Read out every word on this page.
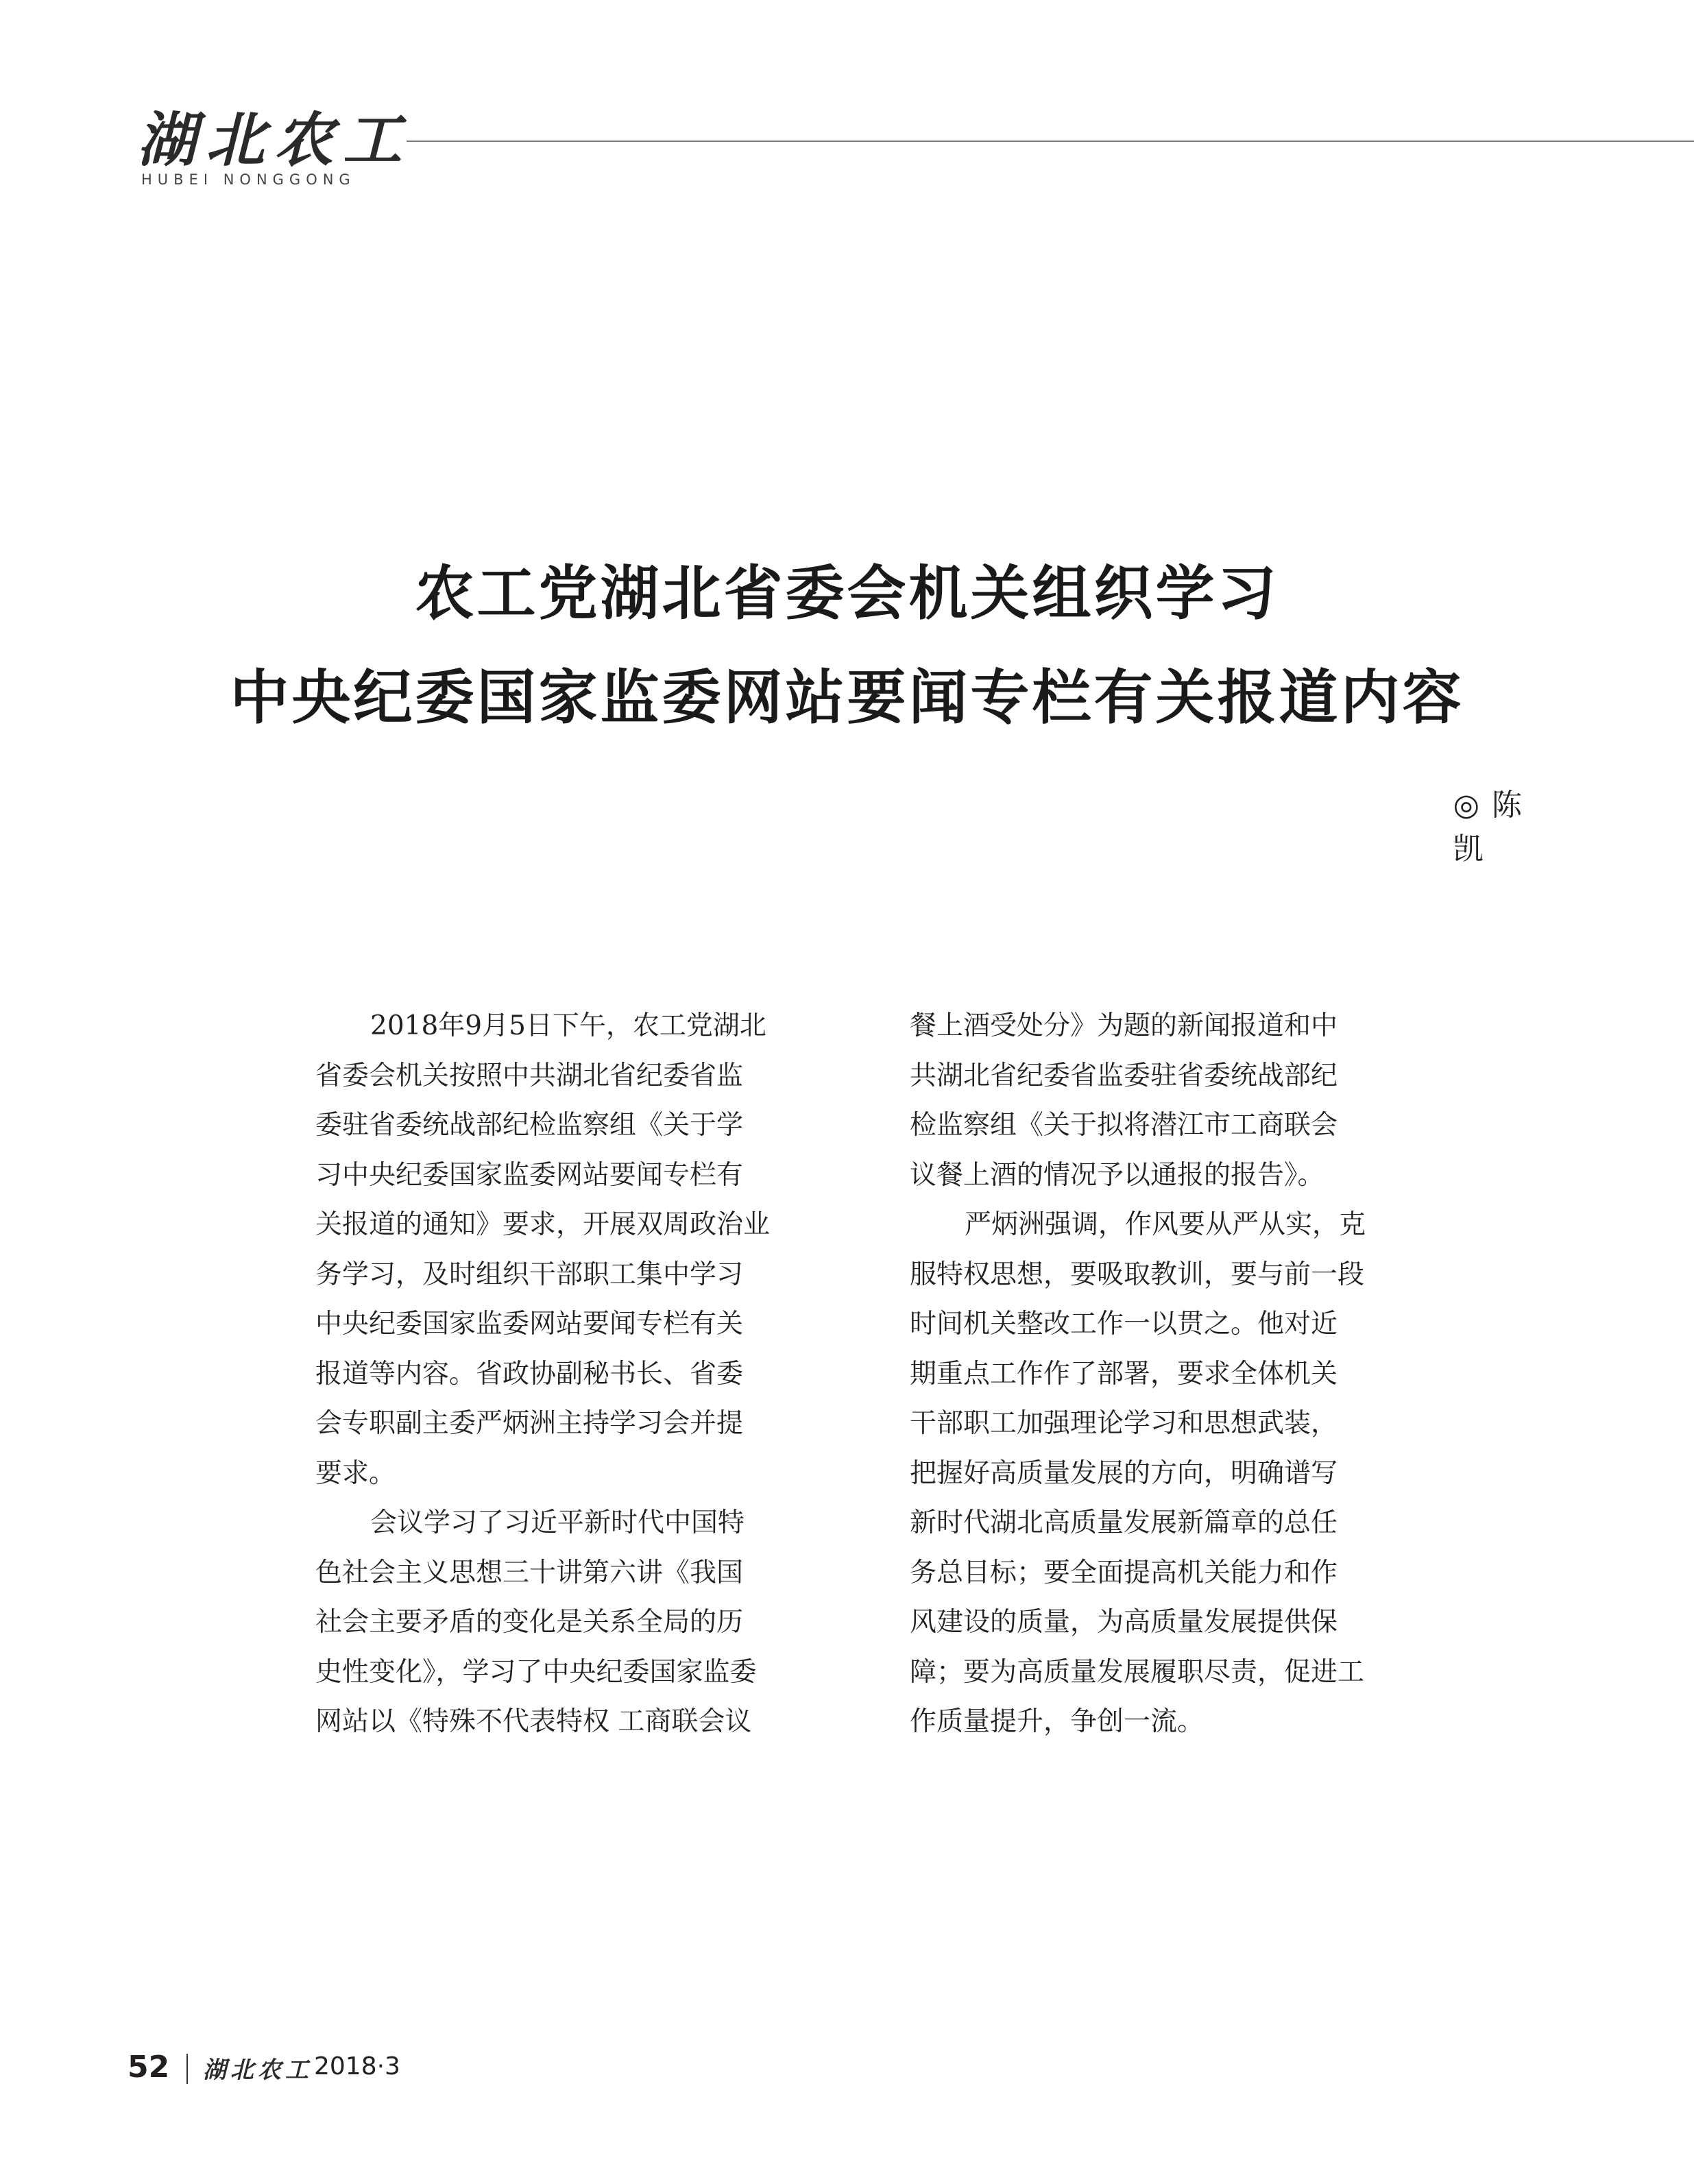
湖北农工
HUBEI NONGGONG
农工党湖北省委会机关组织学习
中央纪委国家监委网站要闻专栏有关报道内容
◎ 陈凯
2018年9月5日下午，农工党湖北
省委会机关按照中共湖北省纪委省监
委驻省委统战部纪检监察组《关于学
习中央纪委国家监委网站要闻专栏有
关报道的通知》要求，开展双周政治业
务学习，及时组织干部职工集中学习
中央纪委国家监委网站要闻专栏有关
报道等内容。省政协副秘书长、省委
会专职副主委严炳洲主持学习会并提
要求。
会议学习了习近平新时代中国特
色社会主义思想三十讲第六讲《我国
社会主要矛盾的变化是关系全局的历
史性变化》，学习了中央纪委国家监委
网站以《特殊不代表特权 工商联会议
餐上酒受处分》为题的新闻报道和中
共湖北省纪委省监委驻省委统战部纪
检监察组《关于拟将潜江市工商联会
议餐上酒的情况予以通报的报告》。
严炳洲强调，作风要从严从实，克
服特权思想，要吸取教训，要与前一段
时间机关整改工作一以贯之。他对近
期重点工作作了部署，要求全体机关
干部职工加强理论学习和思想武装，
把握好高质量发展的方向，明确谱写
新时代湖北高质量发展新篇章的总任
务总目标；要全面提高机关能力和作
风建设的质量，为高质量发展提供保
障；要为高质量发展履职尽责，促进工
作质量提升，争创一流。
52 湖北农工 2018·3
